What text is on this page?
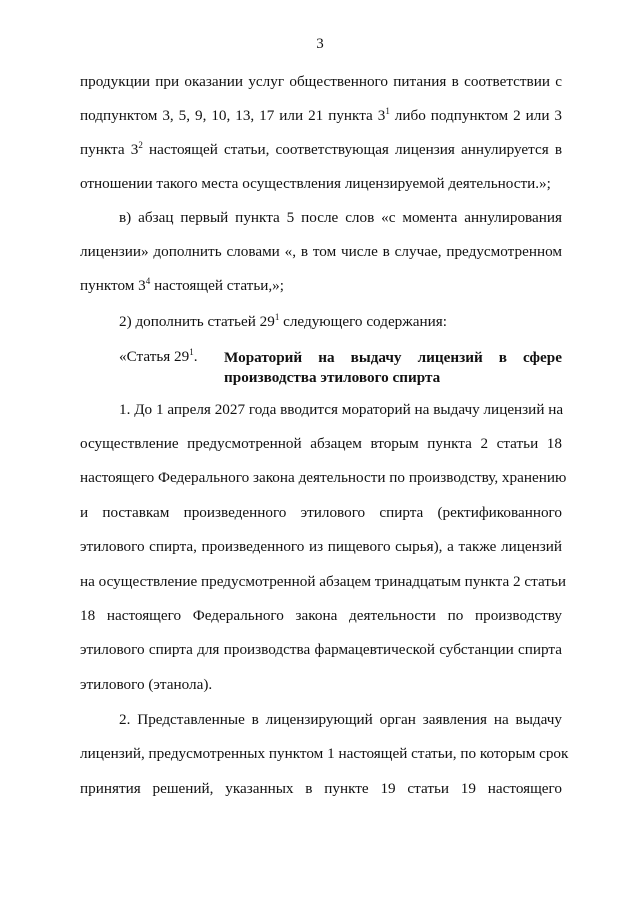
3
продукции при оказании услуг общественного питания в соответствии с
подпунктом 3, 5, 9, 10, 13, 17 или 21 пункта $3^1$ либо подпунктом 2 или 3
пункта $3^2$ настоящей статьи, соответствующая лицензия аннулируется в
отношении такого места осуществления лицензируемой деятельности.»;
в) абзац первый пункта 5 после слов «с момента аннулирования
лицензии» дополнить словами «, в том числе в случае, предусмотренном
пунктом $3^4$ настоящей статьи,»;
2) дополнить статьей $29^1$ следующего содержания:
«Статья $29^1$.	Мораторий на выдачу лицензий в сфере
производства этилового спирта
1. До 1 апреля 2027 года вводится мораторий на выдачу лицензий на
осуществление предусмотренной абзацем вторым пункта 2 статьи 18
настоящего Федерального закона деятельности по производству, хранению
и поставкам произведенного этилового спирта (ректификованного
этилового спирта, произведенного из пищевого сырья), а также лицензий
на осуществление предусмотренной абзацем тринадцатым пункта 2 статьи
18 настоящего Федерального закона деятельности по производству
этилового спирта для производства фармацевтической субстанции спирта
этилового (этанола).
2. Представленные в лицензирующий орган заявления на выдачу
лицензий, предусмотренных пунктом 1 настоящей статьи, по которым срок
принятия решений, указанных в пункте 19 статьи 19 настоящего
